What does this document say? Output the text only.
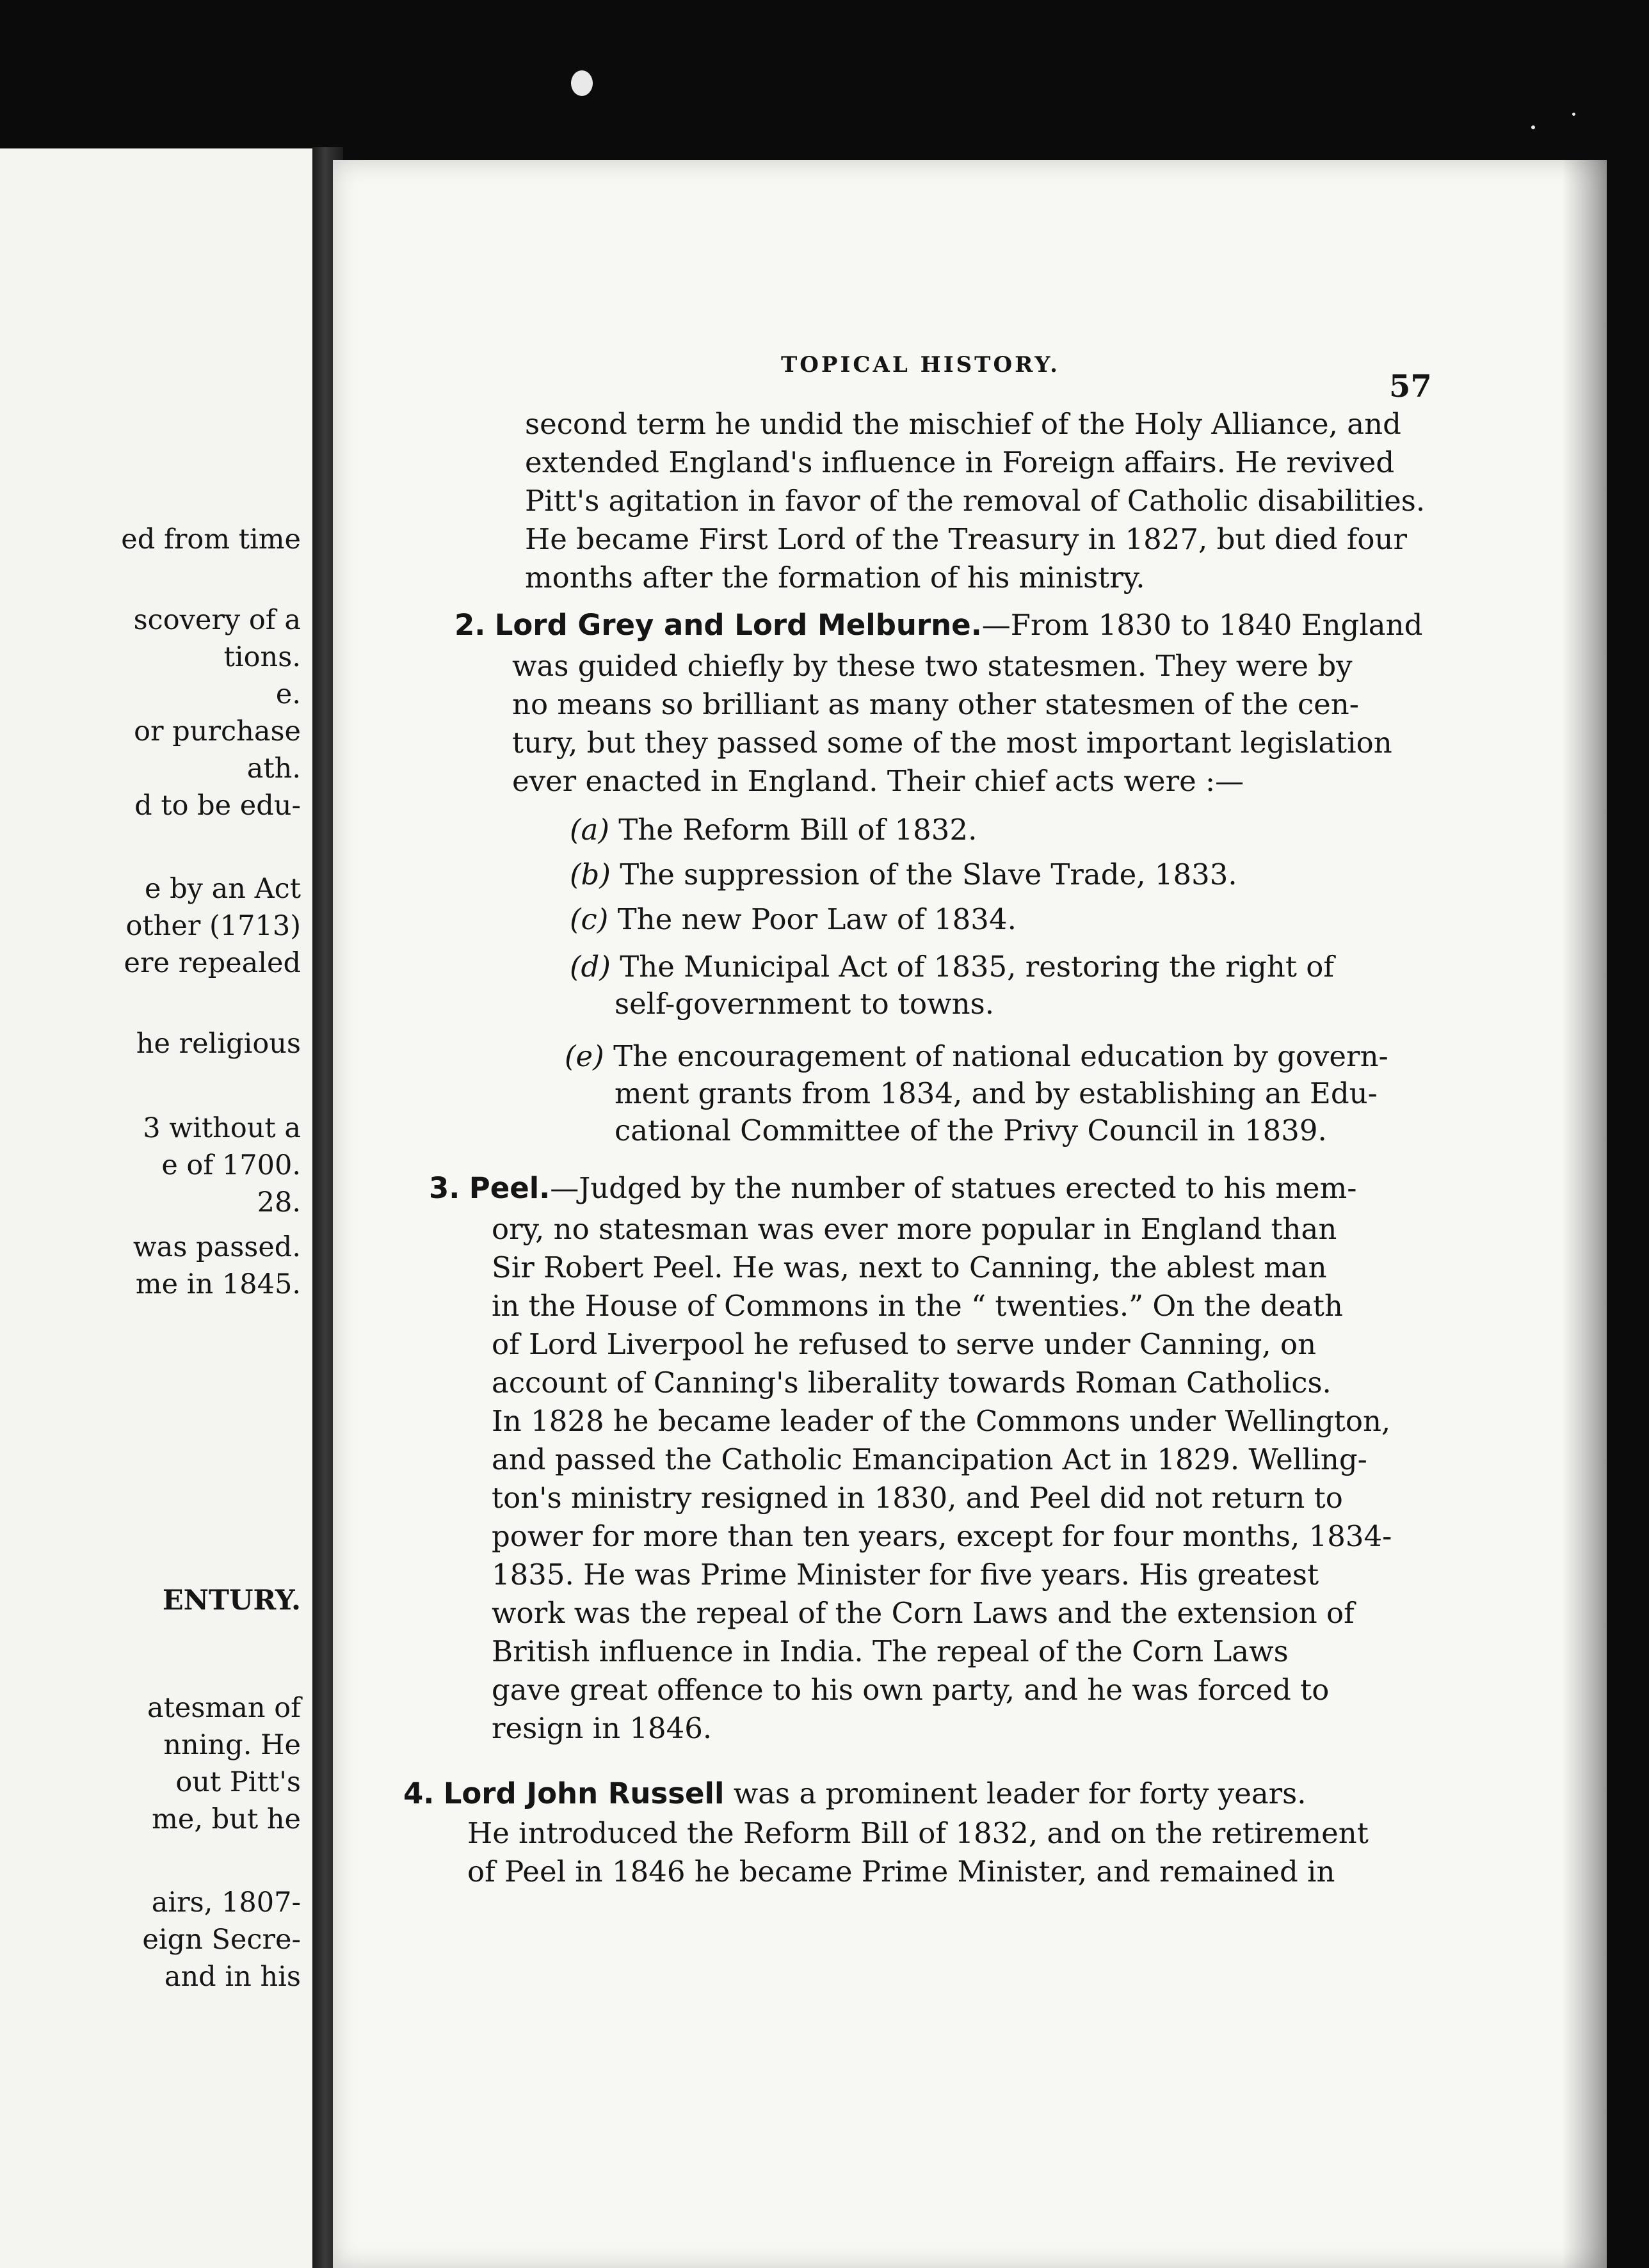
ed from time
scovery of a
tions.
e.
or purchase
ath.
d to be edu-
e by an Act
other (1713)
ere repealed
he religious
3 without a
e of 1700.
28.
was passed.
me in 1845.
ENTURY.
atesman of
nning. He
out Pitt's
me, but he
airs, 1807-
eign Secre-
and in his
TOPICAL HISTORY.
57
second term he undid the mischief of the Holy Alliance, and
extended England's influence in Foreign affairs. He revived
Pitt's agitation in favor of the removal of Catholic disabilities.
He became First Lord of the Treasury in 1827, but died four
months after the formation of his ministry.
2. Lord Grey and Lord Melburne.—From 1830 to 1840 England
was guided chiefly by these two statesmen. They were by
no means so brilliant as many other statesmen of the cen-
tury, but they passed some of the most important legislation
ever enacted in England. Their chief acts were :—
(a) The Reform Bill of 1832.
(b) The suppression of the Slave Trade, 1833.
(c) The new Poor Law of 1834.
(d) The Municipal Act of 1835, restoring the right of
self-government to towns.
(e) The encouragement of national education by govern-
ment grants from 1834, and by establishing an Edu-
cational Committee of the Privy Council in 1839.
3. Peel.—Judged by the number of statues erected to his mem-
ory, no statesman was ever more popular in England than
Sir Robert Peel. He was, next to Canning, the ablest man
in the House of Commons in the “ twenties.” On the death
of Lord Liverpool he refused to serve under Canning, on
account of Canning's liberality towards Roman Catholics.
In 1828 he became leader of the Commons under Wellington,
and passed the Catholic Emancipation Act in 1829. Welling-
ton's ministry resigned in 1830, and Peel did not return to
power for more than ten years, except for four months, 1834-
1835. He was Prime Minister for five years. His greatest
work was the repeal of the Corn Laws and the extension of
British influence in India. The repeal of the Corn Laws
gave great offence to his own party, and he was forced to
resign in 1846.
4. Lord John Russell was a prominent leader for forty years.
He introduced the Reform Bill of 1832, and on the retirement
of Peel in 1846 he became Prime Minister, and remained in
